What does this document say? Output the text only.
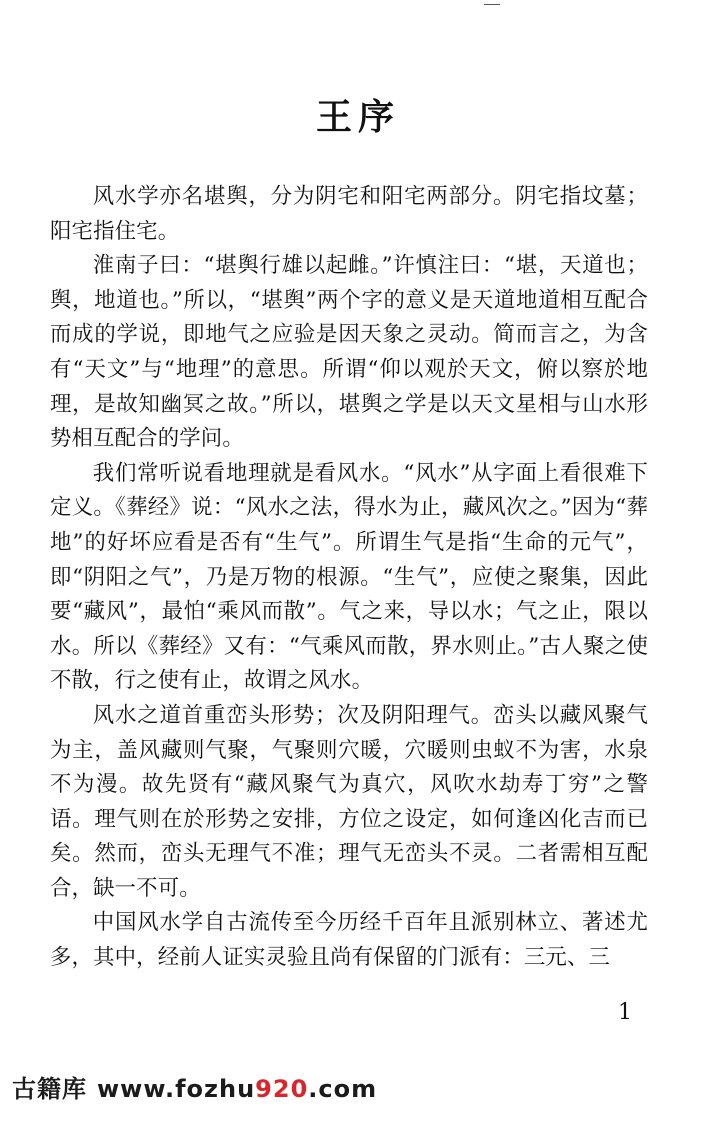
王序

风水学亦名堪舆，分为阴宅和阳宅两部分。阴宅指坟墓；阳宅指住宅。

淮南子曰：“堪舆行雄以起雌。”许慎注曰：“堪，天道也；舆，地道也。”所以，“堪舆”两个字的意义是天道地道相互配合而成的学说，即地气之应验是因天象之灵动。简而言之，为含有“天文”与“地理”的意思。所谓“仰以观於天文，俯以察於地理，是故知幽冥之故。”所以，堪舆之学是以天文星相与山水形势相互配合的学问。

我们常听说看地理就是看风水。“风水”从字面上看很难下定义。《葬经》说：“风水之法，得水为止，藏风次之。”因为“葬地”的好坏应看是否有“生气”。所谓生气是指“生命的元气”，即“阴阳之气”，乃是万物的根源。“生气”，应使之聚集，因此要“藏风”，最怕“乘风而散”。气之来，导以水；气之止，限以水。所以《葬经》又有：“气乘风而散，界水则止。”古人聚之使不散，行之使有止，故谓之风水。

风水之道首重峦头形势；次及阴阳理气。峦头以藏风聚气为主，盖风藏则气聚，气聚则穴暖，穴暖则虫蚁不为害，水泉不为漫。故先贤有“藏风聚气为真穴，风吹水劫寿丁穷”之警语。理气则在於形势之安排，方位之设定，如何逢凶化吉而已矣。然而，峦头无理气不准；理气无峦头不灵。二者需相互配合，缺一不可。

中国风水学自古流传至今历经千百年且派别林立、著述尤多，其中，经前人证实灵验且尚有保留的门派有：三元、三

1
古籍库 www.fozhu920.com
